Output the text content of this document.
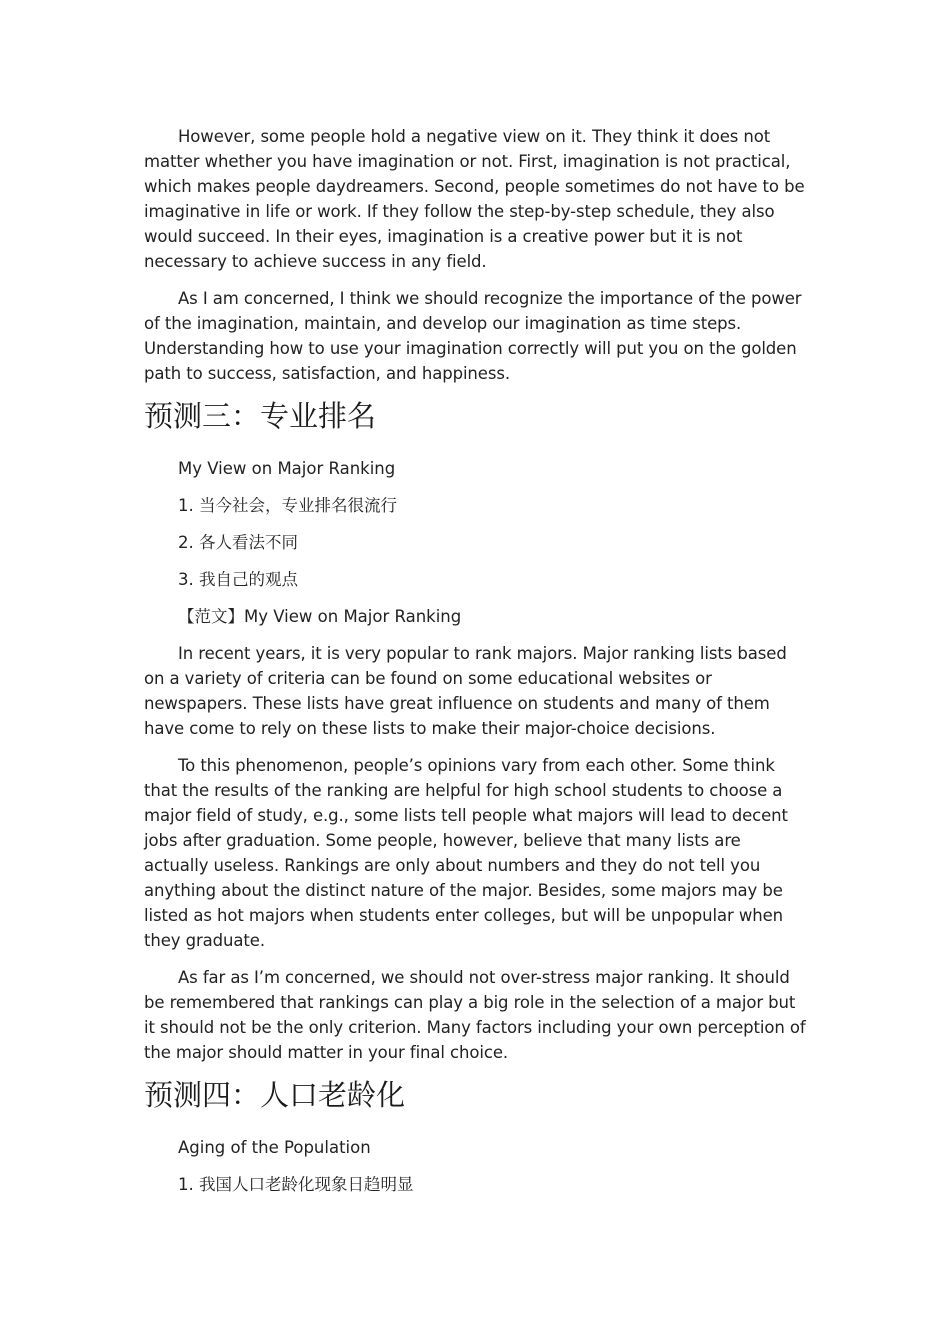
However, some people hold a negative view on it. They think it does not matter whether you have imagination or not. First, imagination is not practical, which makes people daydreamers. Second, people sometimes do not have to be imaginative in life or work. If they follow the step-by-step schedule, they also would succeed. In their eyes, imagination is a creative power but it is not necessary to achieve success in any field.

As I am concerned, I think we should recognize the importance of the power of the imagination, maintain, and develop our imagination as time steps. Understanding how to use your imagination correctly will put you on the golden path to success, satisfaction, and happiness.

预测三：专业排名

My View on Major Ranking

1. 当今社会，专业排名很流行

2. 各人看法不同

3. 我自己的观点

【范文】My View on Major Ranking

In recent years, it is very popular to rank majors. Major ranking lists based on a variety of criteria can be found on some educational websites or newspapers. These lists have great influence on students and many of them have come to rely on these lists to make their major-choice decisions.

To this phenomenon, people’s opinions vary from each other. Some think that the results of the ranking are helpful for high school students to choose a major field of study, e.g., some lists tell people what majors will lead to decent jobs after graduation. Some people, however, believe that many lists are actually useless. Rankings are only about numbers and they do not tell you anything about the distinct nature of the major. Besides, some majors may be listed as hot majors when students enter colleges, but will be unpopular when they graduate.

As far as I’m concerned, we should not over-stress major ranking. It should be remembered that rankings can play a big role in the selection of a major but it should not be the only criterion. Many factors including your own perception of the major should matter in your final choice.

预测四：人口老龄化

Aging of the Population

1. 我国人口老龄化现象日趋明显
